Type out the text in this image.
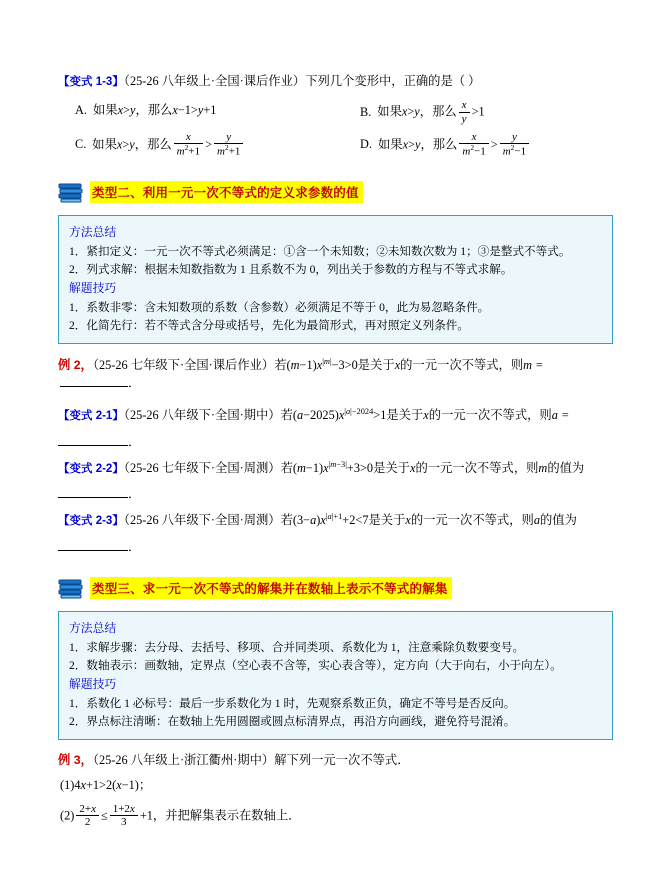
【变式 1-3】（25-26 八年级上·全国·课后作业）下列几个变形中，正确的是（ ）
A. 如果x>y，那么x−1>y+1	B. 如果x>y，那么 $\frac{x}{y} >1$
C. 如果x>y，那么 $\frac{x}{m^2+1} > \frac{y}{m^2+1}$	D. 如果x>y，那么 $\frac{x}{m^2-1} > \frac{y}{m^2-1}$
类型二、利用一元一次不等式的定义求参数的值
方法总结
1．紧扣定义：一元一次不等式必须满足：①含一个未知数；②未知数次数为 1；③是整式不等式。
2．列式求解：根据未知数指数为 1 且系数不为 0，列出关于参数的方程与不等式求解。
解题技巧
1．系数非零：含未知数项的系数（含参数）必须满足不等于 0，此为易忽略条件。
2．化简先行：若不等式含分母或括号，先化为最简形式，再对照定义列条件。
例 2，（25-26 七年级下·全国·课后作业）若$(m-1)x^{|m|}-3>0$是关于x的一元一次不等式，则m =．
【变式 2-1】（25-26 八年级下·全国·期中）若$(a-2025)x^{|a|-2024}>1$是关于x的一元一次不等式，则a =
．
【变式 2-2】（25-26 七年级下·全国·周测）若$(m-1)x^{|m-3|}+3>0$是关于x的一元一次不等式，则m的值为
．
【变式 2-3】（25-26 八年级下·全国·周测）若$(3-a)x^{|a|+1}+2<7$是关于x的一元一次不等式，则a的值为
．
类型三、求一元一次不等式的解集并在数轴上表示不等式的解集
方法总结
1．求解步骤：去分母、去括号、移项、合并同类项、系数化为 1，注意乘除负数要变号。
2．数轴表示：画数轴，定界点（空心表不含等，实心表含等），定方向（大于向右，小于向左）。
解题技巧
1．系数化 1 必标号：最后一步系数化为 1 时，先观察系数正负，确定不等号是否反向。
2．界点标注清晰：在数轴上先用圆圈或圆点标清界点，再沿方向画线，避免符号混淆。
例 3，（25-26 八年级上·浙江衢州·期中）解下列一元一次不等式．
(1)4x+1>2(x−1)；
$(2) \frac{2+x}{2} \le \frac{1+2x}{3} +1$，并把解集表示在数轴上．
